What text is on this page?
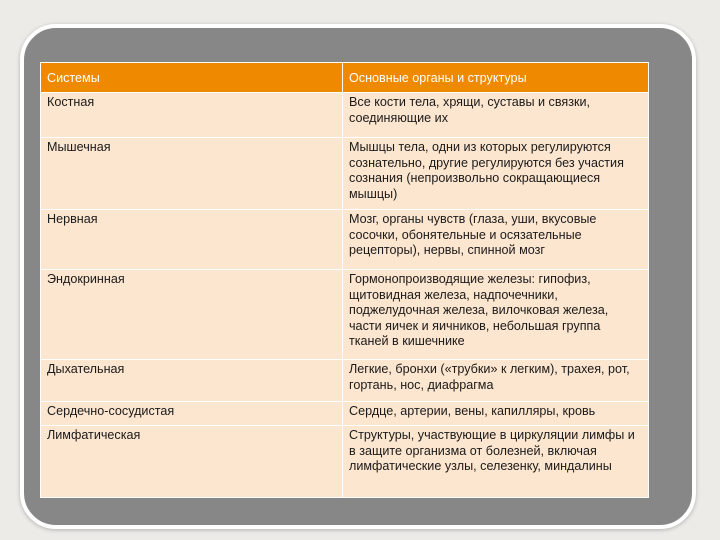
Системы	Основные органы и структуры
Костная	Все кости тела, хрящи, суставы и связки, соединяющие их
Мышечная	Мышцы тела, одни из которых регулируются сознательно, другие регулируются без участия сознания (непроизвольно сокращающиеся мышцы)
Нервная	Мозг, органы чувств (глаза, уши, вкусовые сосочки, обонятельные и осязательные рецепторы), нервы, спинной мозг
Эндокринная	Гормонопроизводящие железы: гипофиз, щитовидная железа, надпочечники, поджелудочная железа, вилочковая железа, части яичек и яичников, небольшая группа тканей в кишечнике
Дыхательная	Легкие, бронхи («трубки» к легким), трахея, рот, гортань, нос, диафрагма
Сердечно-сосудистая	Сердце, артерии, вены, капилляры, кровь
Лимфатическая	Структуры, участвующие в циркуляции лимфы и в защите организма от болезней, включая лимфатические узлы, селезенку, миндалины
